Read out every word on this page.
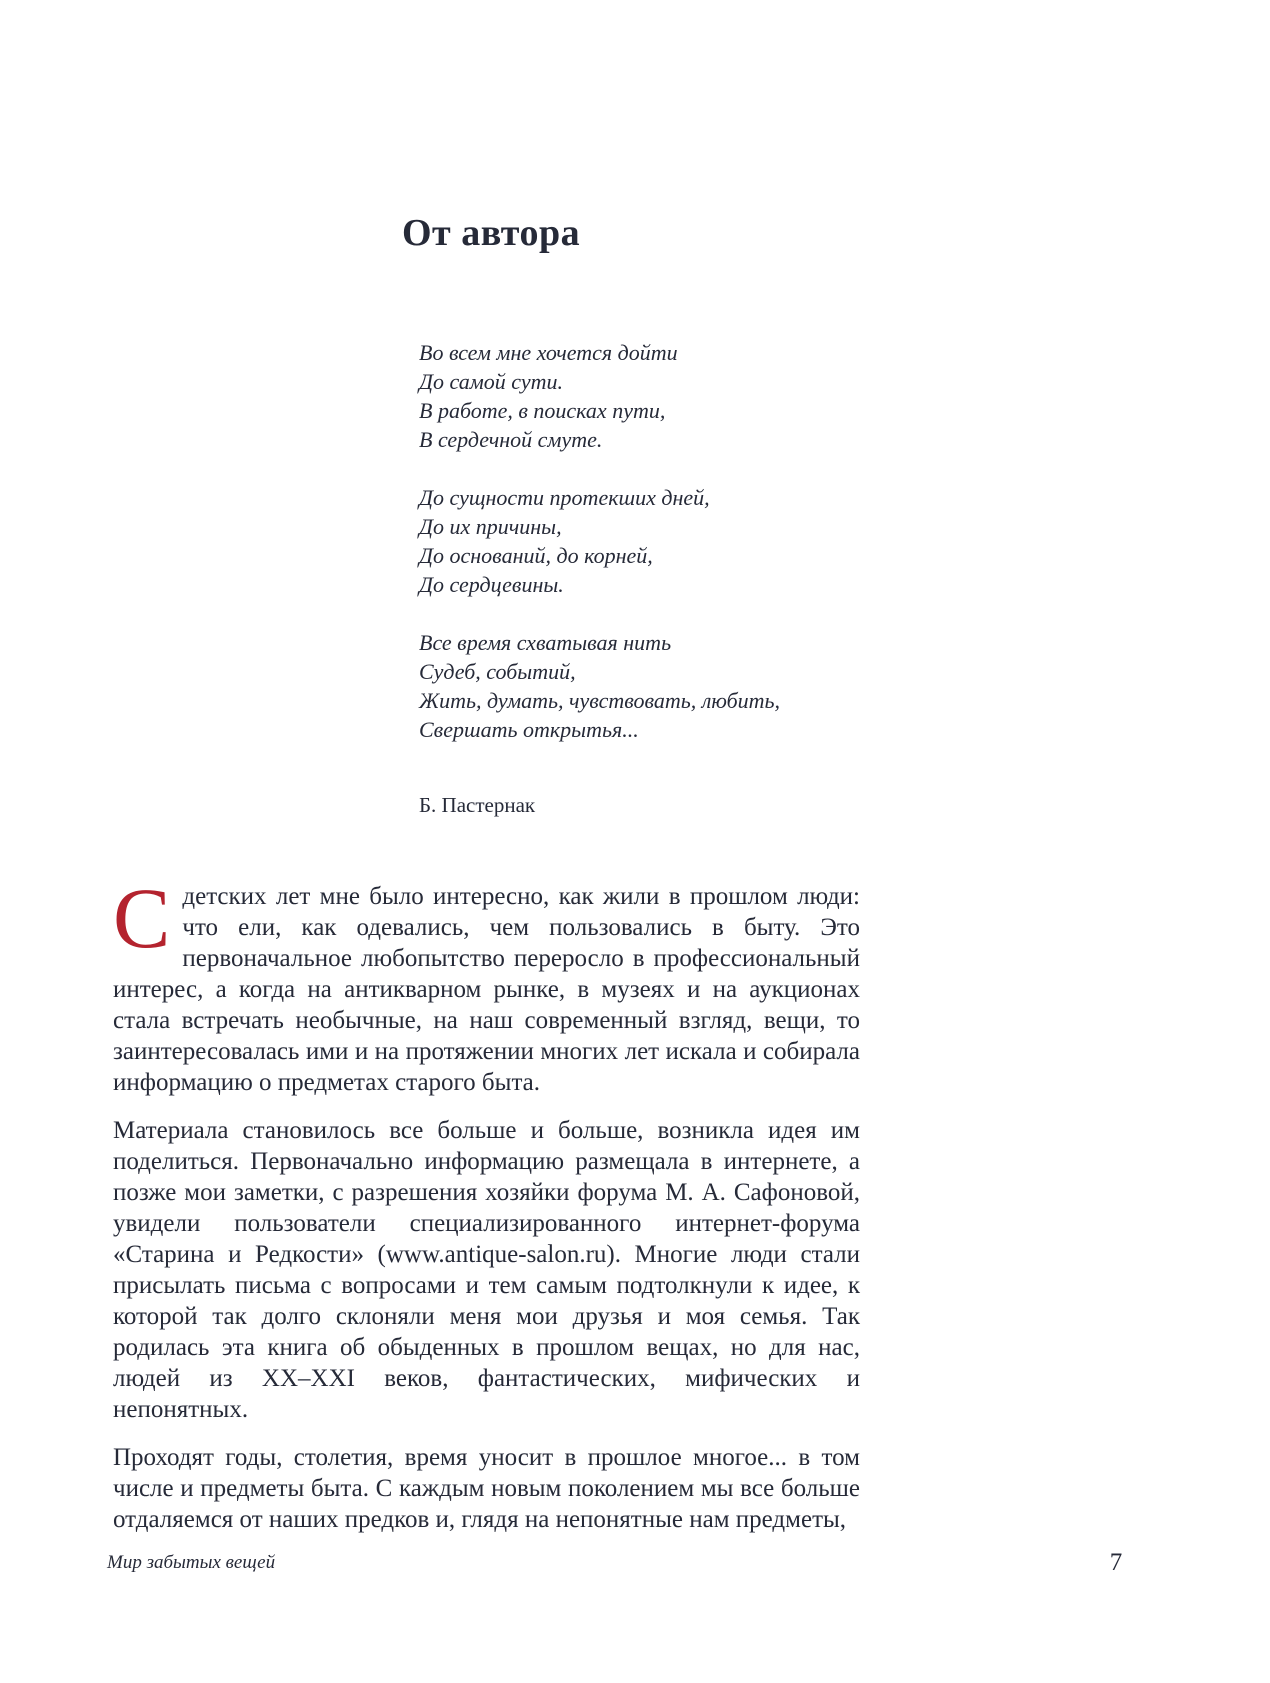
От автора
Во всем мне хочется дойти
До самой сути.
В работе, в поисках пути,
В сердечной смуте.
До сущности протекших дней,
До их причины,
До оснований, до корней,
До сердцевины.
Все время схватывая нить
Судеб, событий,
Жить, думать, чувствовать, любить,
Свершать открытья...
Б. Пастернак

Сдетских лет мне было интересно, как жили в прошлом люди: что ели, как одевались, чем пользовались в быту. Это первоначальное любопытство переросло в профессиональный интерес, а когда на антикварном рынке, в музеях и на аукционах стала встречать необычные, на наш современный взгляд, вещи, то заинтересовалась ими и на протяжении многих лет искала и собирала информацию о предметах старого быта.

Материала становилось все больше и больше, возникла идея им поделиться. Первоначально информацию размещала в интернете, а позже мои заметки, с разрешения хозяйки форума М. А. Сафоновой, увидели пользователи специализированного интернет-форума «Старина и Редкости» (www.antique-salon.ru). Многие люди стали присылать письма с вопросами и тем самым подтолкнули к идее, к которой так долго склоняли меня мои друзья и моя семья. Так родилась эта книга об обыденных в прошлом вещах, но для нас, людей из XX–XXI веков, фантастических, мифических и непонятных.

Проходят годы, столетия, время уносит в прошлое многое... в том числе и предметы быта. С каждым новым поколением мы все больше отдаляемся от наших предков и, глядя на непонятные нам предметы,

Мир забытых вещей	7
